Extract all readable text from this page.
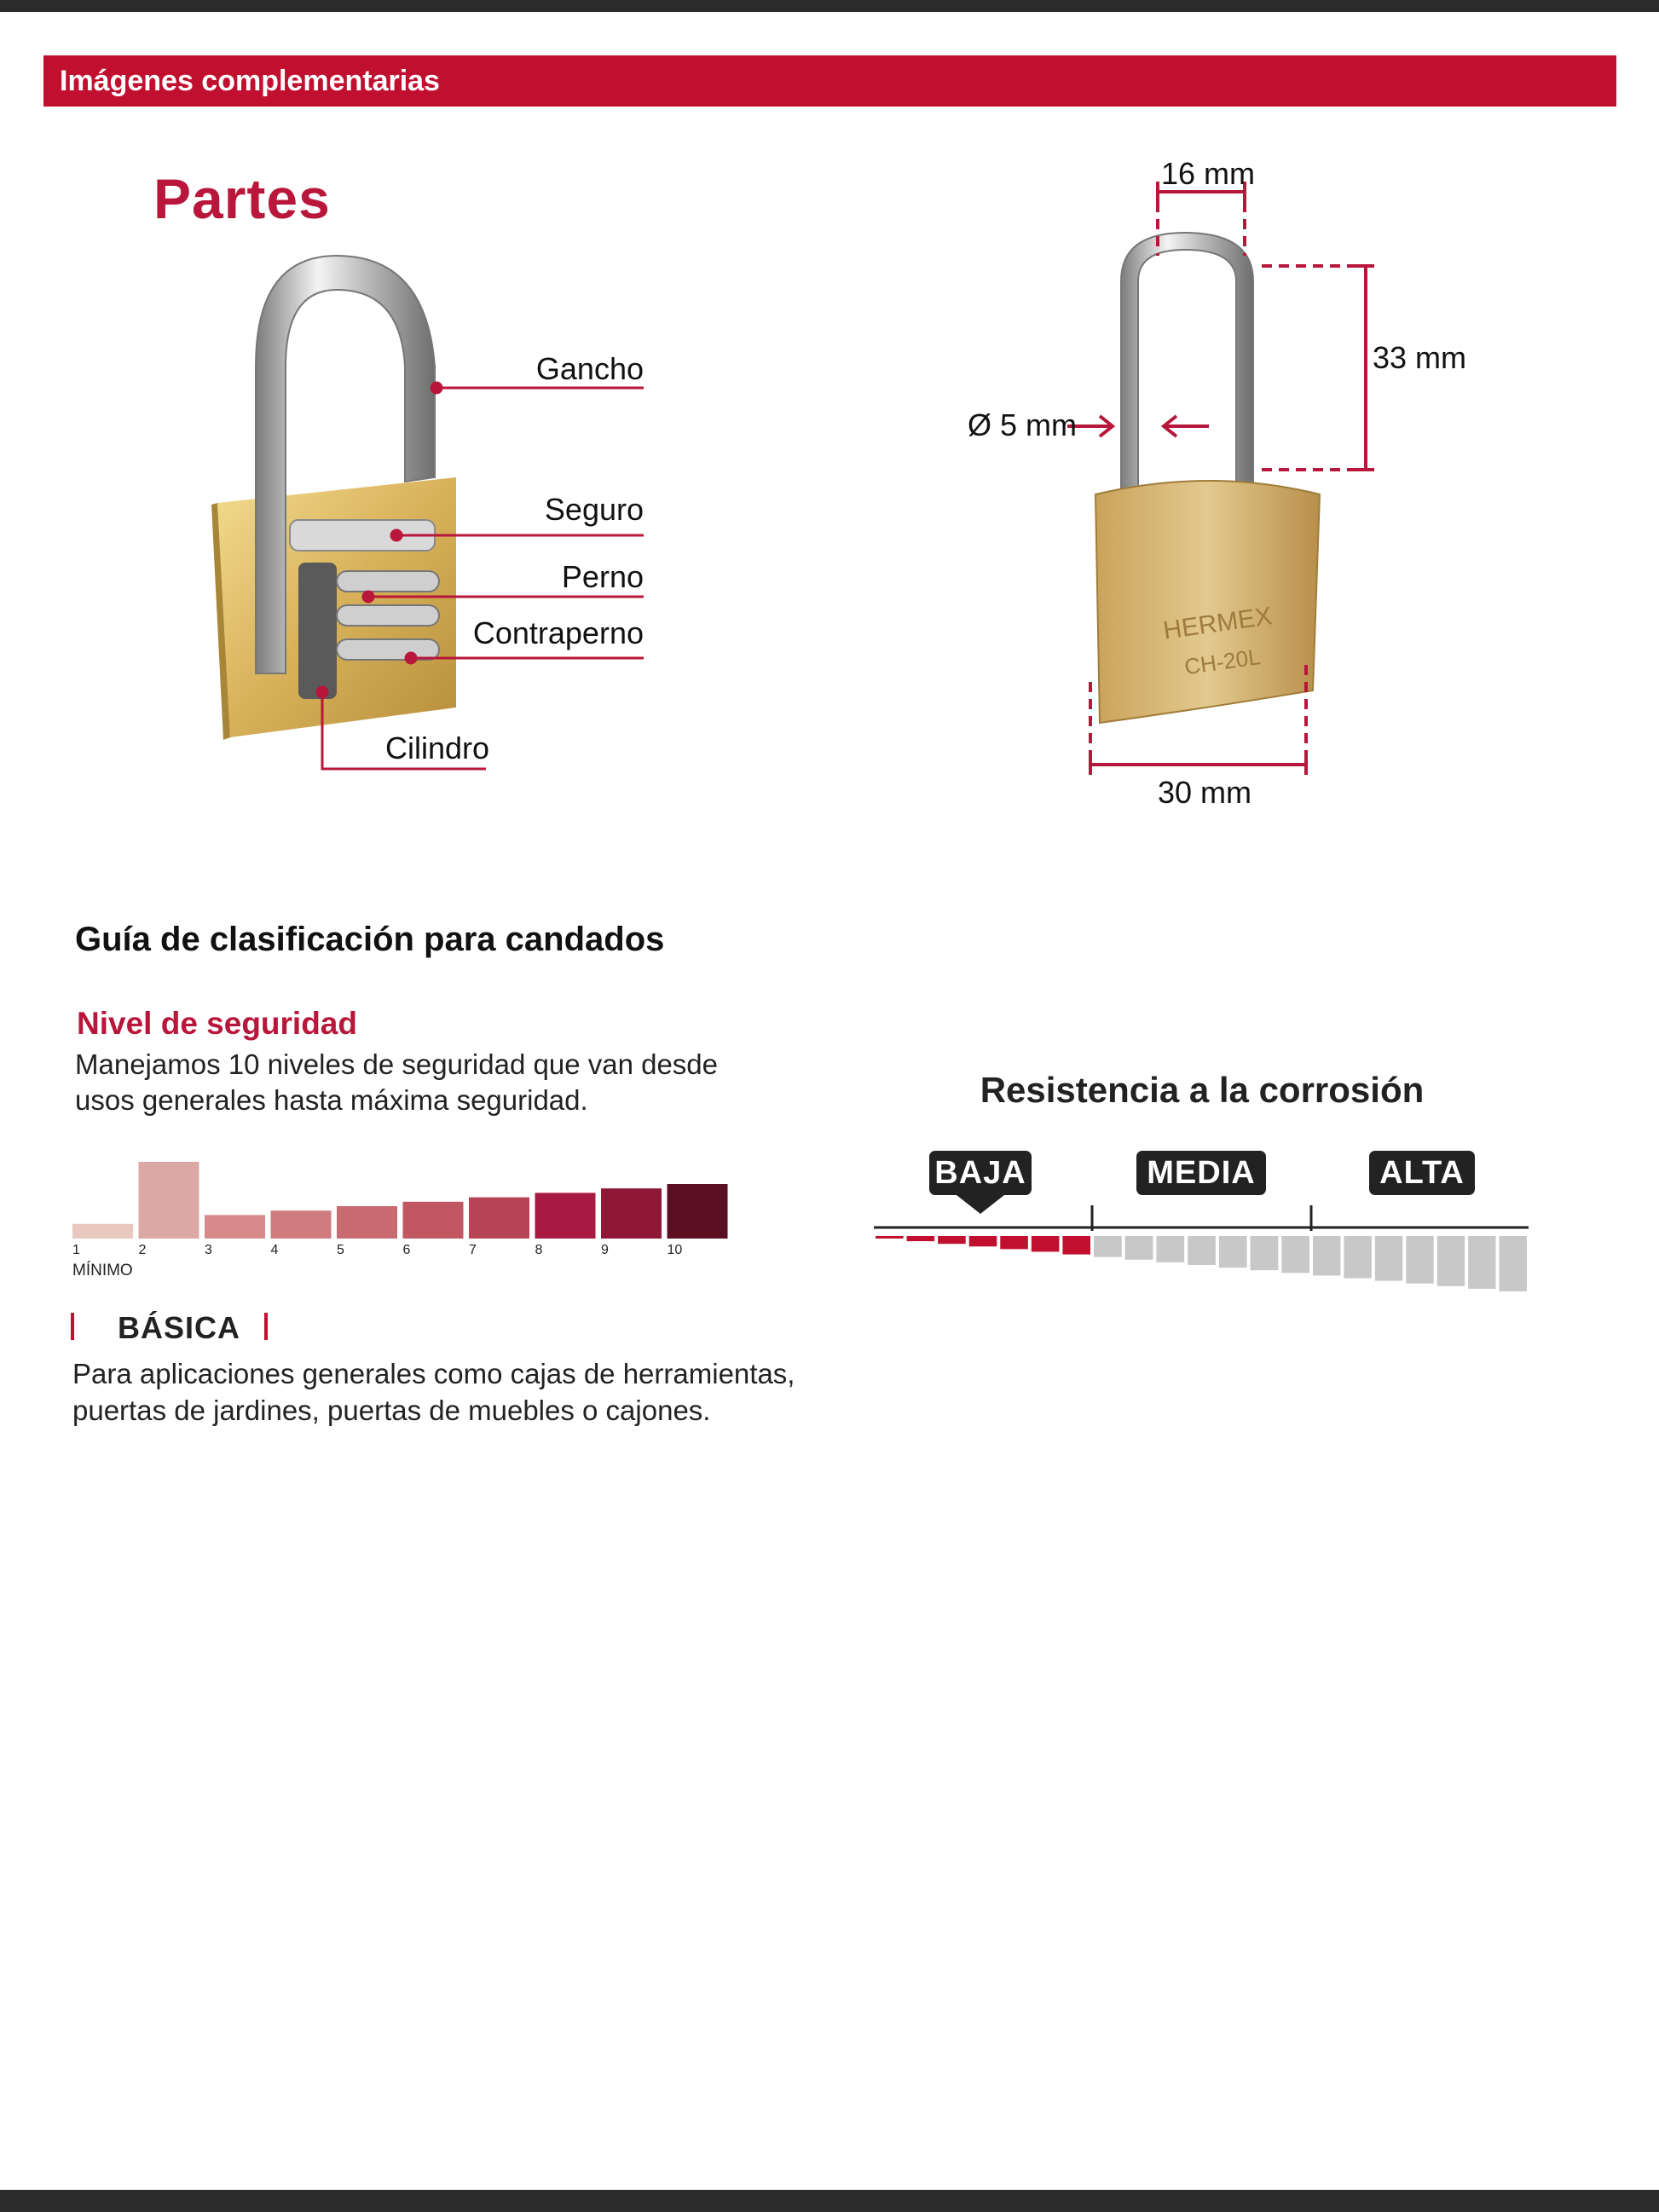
Imágenes complementarias
Partes
HERMEX
CH-20L
Gancho
Seguro
Perno
Contraperno
Cilindro
16 mm
33 mm
Ø 5 mm
30 mm
Guía de clasificación para candados
Nivel de seguridad
Manejamos 10 niveles de seguridad que van desde usos generales hasta máxima seguridad.
1	2	3	4	5	6	7	8	9	10
MÍNIMO
BÁSICA
Para aplicaciones generales como cajas de herramientas, puertas de jardines, puertas de muebles o cajones.
Resistencia a la corrosión
BAJA	MEDIA	ALTA
